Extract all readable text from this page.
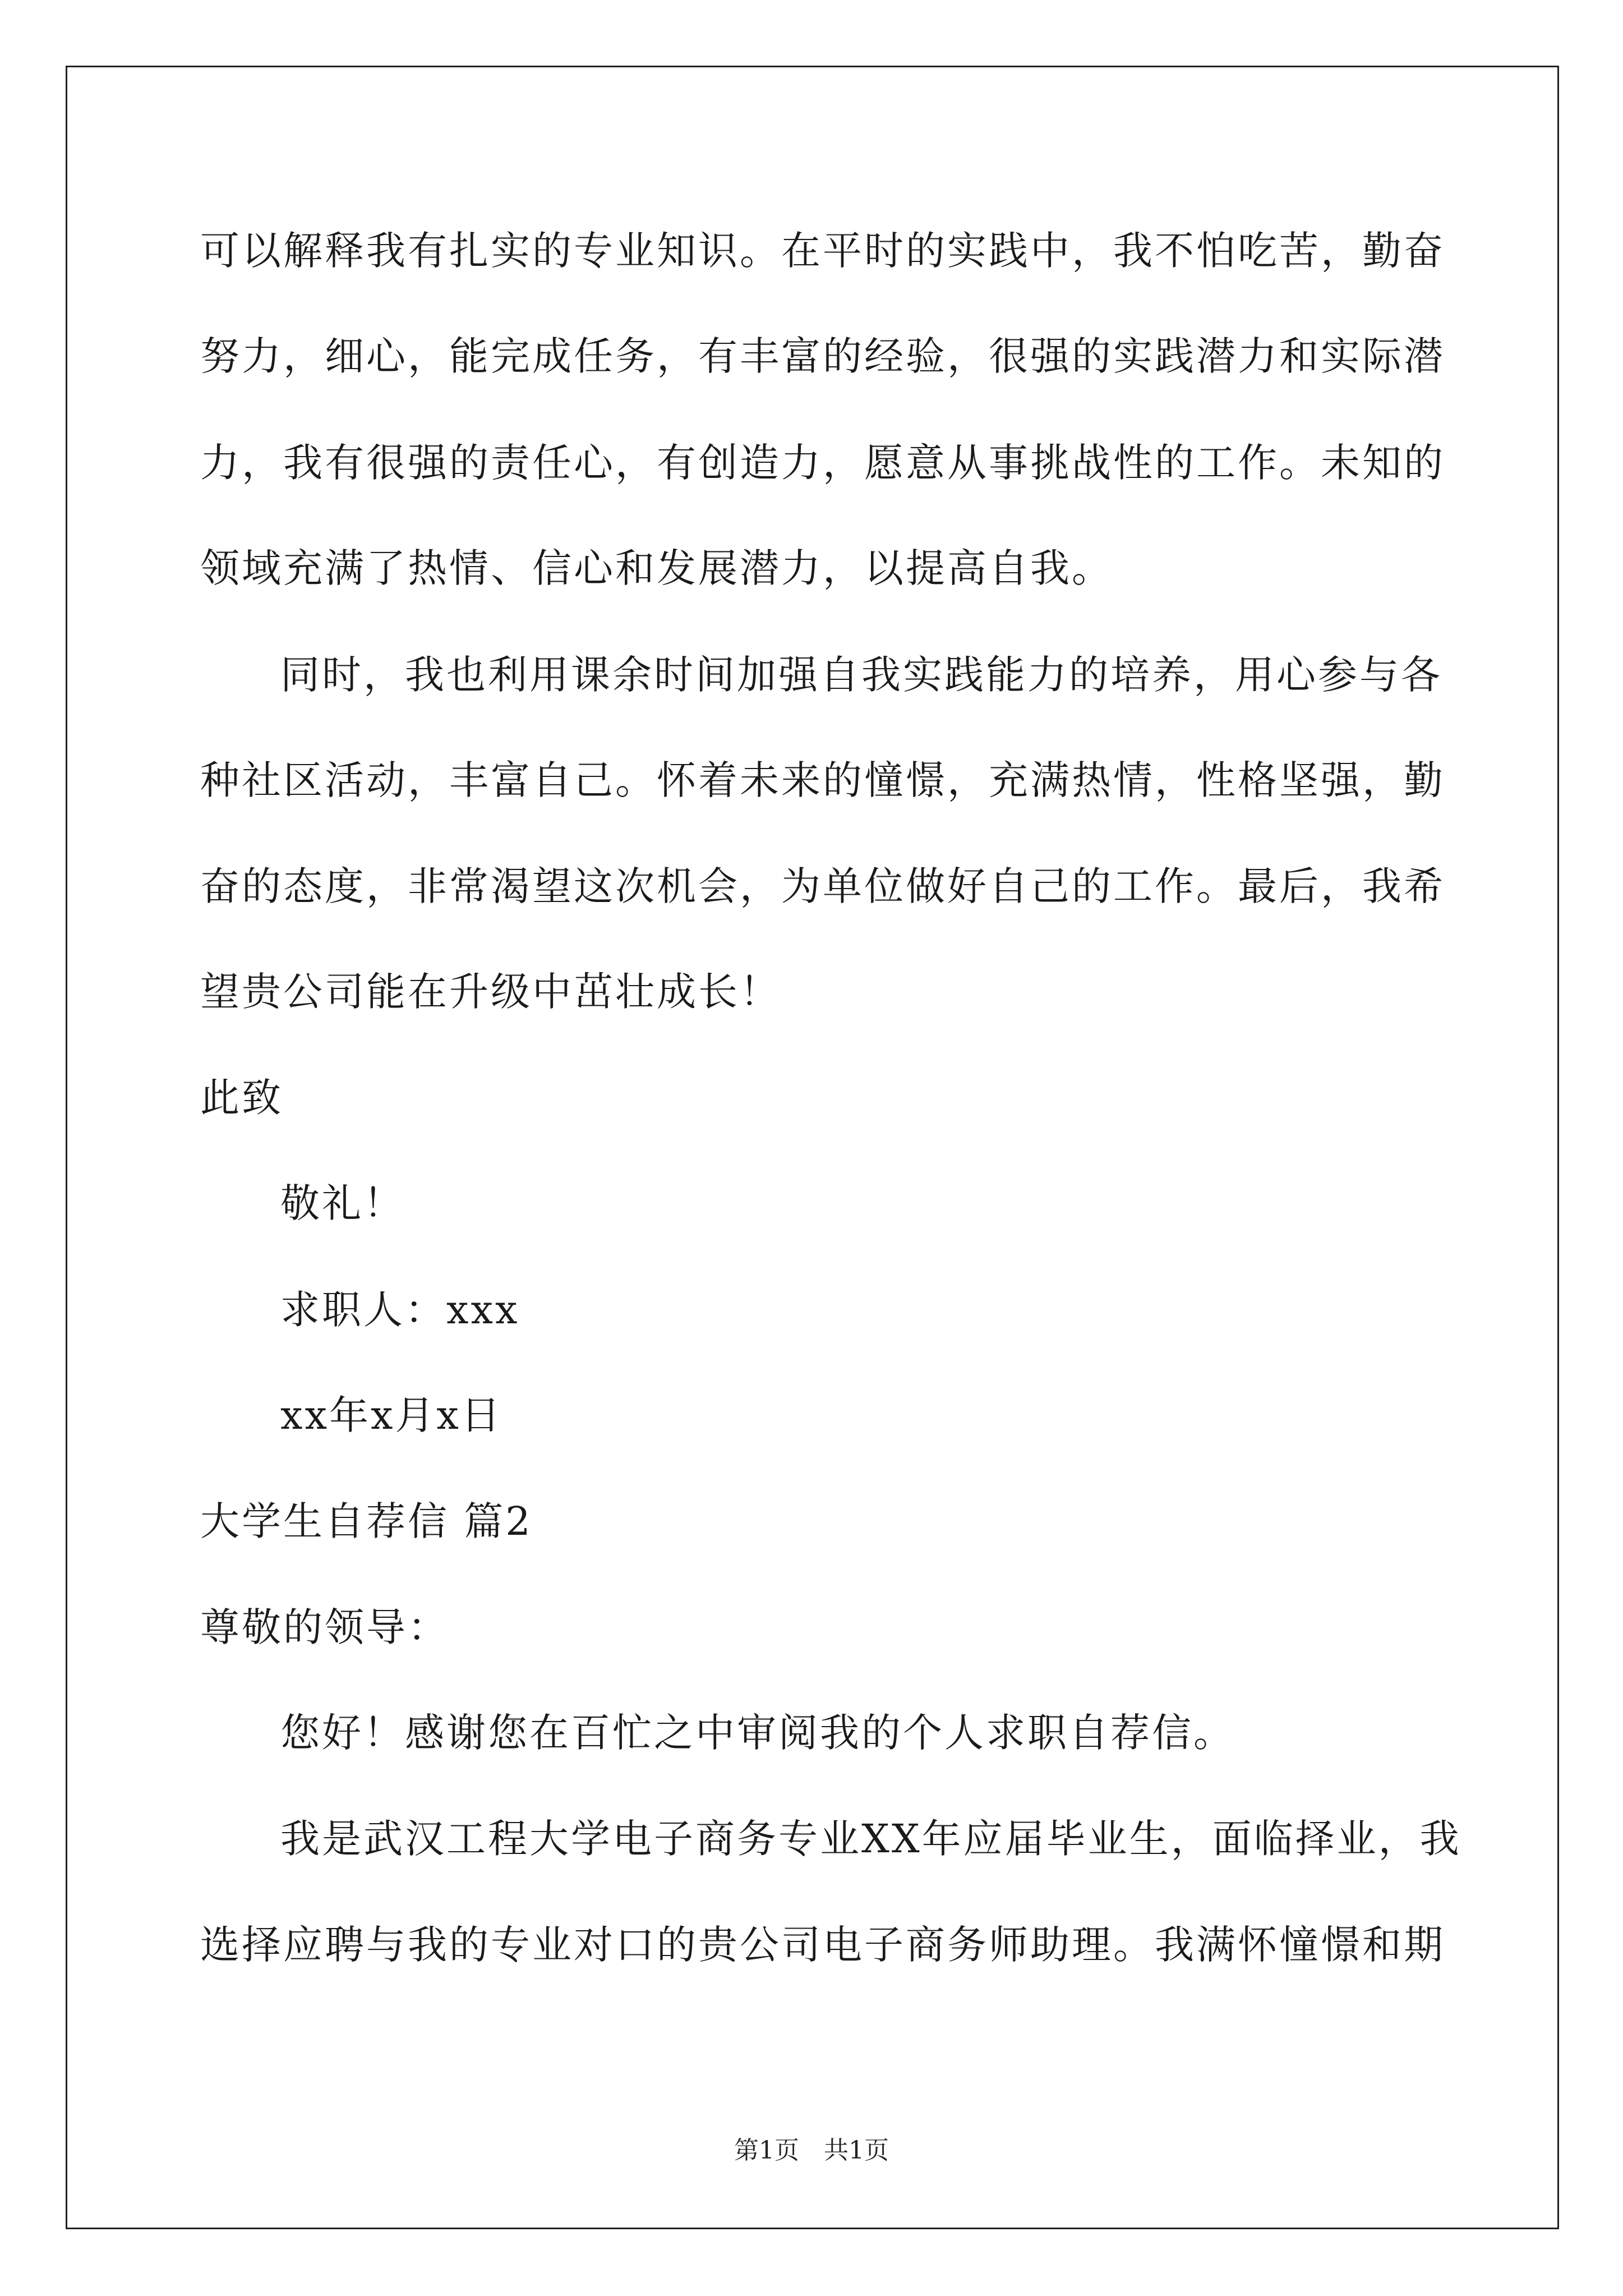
可以解释我有扎实的专业知识。在平时的实践中，我不怕吃苦，勤奋

努力，细心，能完成任务，有丰富的经验，很强的实践潜力和实际潜

力，我有很强的责任心，有创造力，愿意从事挑战性的工作。未知的

领域充满了热情、信心和发展潜力，以提高自我。

同时，我也利用课余时间加强自我实践能力的培养，用心参与各

种社区活动，丰富自己。怀着未来的憧憬，充满热情，性格坚强，勤

奋的态度，非常渴望这次机会，为单位做好自己的工作。最后，我希

望贵公司能在升级中茁壮成长！

此致

敬礼！

求职人：xxx

xx年x月x日

大学生自荐信 篇2

尊敬的领导：

您好！感谢您在百忙之中审阅我的个人求职自荐信。

我是武汉工程大学电子商务专业XX年应届毕业生，面临择业，我

选择应聘与我的专业对口的贵公司电子商务师助理。我满怀憧憬和期

第1页　共1页
